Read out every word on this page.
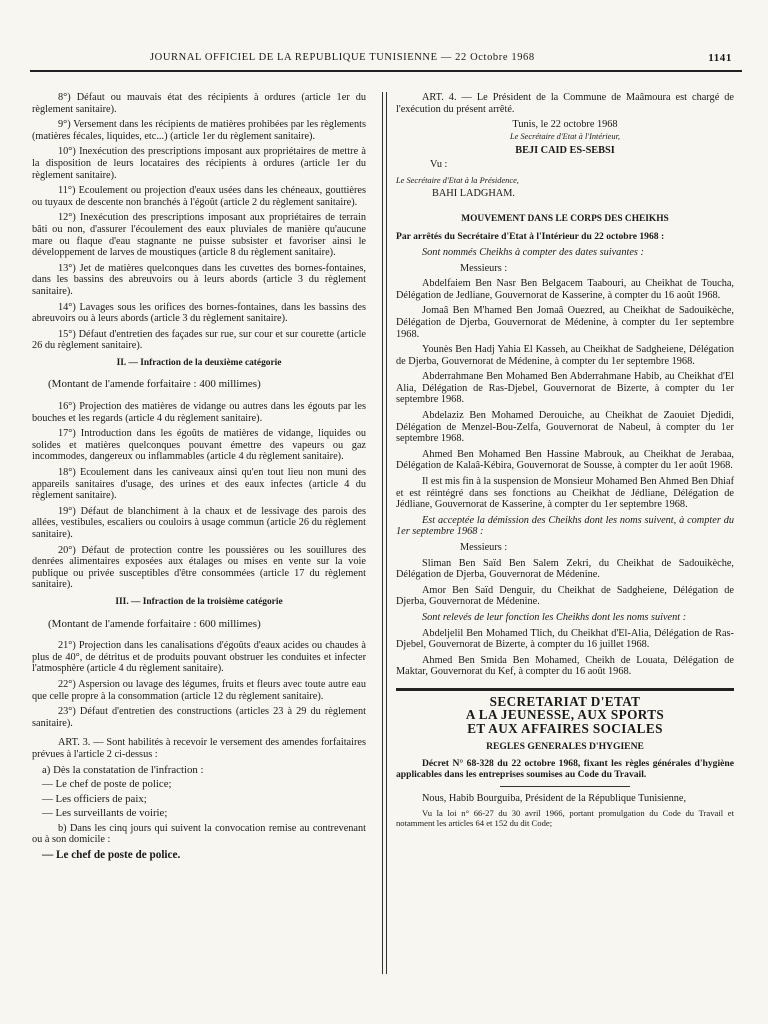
JOURNAL OFFICIEL DE LA REPUBLIQUE TUNISIENNE — 22 Octobre 1968	1141

8°) Défaut ou mauvais état des récipients à ordures (article 1er du règlement sanitaire).

9°) Versement dans les récipients de matières prohibées par les règlements (matières fécales, liquides, etc...) (article 1er du règlement sanitaire).

10°) Inexécution des prescriptions imposant aux propriétaires de mettre à la disposition de leurs locataires des récipients à ordures (article 1er du règlement sanitaire).

11°) Ecoulement ou projection d'eaux usées dans les chéneaux, gouttières ou tuyaux de descente non branchés à l'égoût (article 2 du règlement sanitaire).

12°) Inexécution des prescriptions imposant aux propriétaires de terrain bâti ou non, d'assurer l'écoulement des eaux pluviales de manière qu'aucune mare ou flaque d'eau stagnante ne puisse subsister et favoriser ainsi le développement de larves de moustiques (article 8 du règlement sanitaire).

13°) Jet de matières quelconques dans les cuvettes des bornes-fontaines, dans les bassins des abreuvoirs ou à leurs abords (article 3 du règlement sanitaire).

14°) Lavages sous les orifices des bornes-fontaines, dans les bassins des abreuvoirs ou à leurs abords (article 3 du règlement sanitaire).

15°) Défaut d'entretien des façades sur rue, sur cour et sur courette (article 26 du règlement sanitaire).

II. — Infraction de la deuxième catégorie
(Montant de l'amende forfaitaire : 400 millimes)

16°) Projection des matières de vidange ou autres dans les égouts par les bouches et les regards (article 4 du règlement sanitaire).

17°) Introduction dans les égoûts de matières de vidange, liquides ou solides et matières quelconques pouvant émettre des vapeurs ou gaz incommodes, dangereux ou inflammables (article 4 du règlement sanitaire).

18°) Ecoulement dans les caniveaux ainsi qu'en tout lieu non muni des appareils sanitaires d'usage, des urines et des eaux infectes (article 4 du règlement sanitaire).

19°) Défaut de blanchiment à la chaux et de lessivage des parois des allées, vestibules, escaliers ou couloirs à usage commun (article 26 du règlement sanitaire).

20°) Défaut de protection contre les poussières ou les souillures des denrées alimentaires exposées aux étalages ou mises en vente sur la voie publique ou privée susceptibles d'être consommées (article 17 du règlement sanitaire).

III. — Infraction de la troisième catégorie
(Montant de l'amende forfaitaire : 600 millimes)

21°) Projection dans les canalisations d'égoûts d'eaux acides ou chaudes à plus de 40°, de détritus et de produits pouvant obstruer les conduites et infecter l'atmosphère (article 4 du règlement sanitaire).

22°) Aspersion ou lavage des légumes, fruits et fleurs avec toute autre eau que celle propre à la consommation (article 12 du règlement sanitaire).

23°) Défaut d'entretien des constructions (articles 23 à 29 du règlement sanitaire).

ART. 3. — Sont habilités à recevoir le versement des amendes forfaitaires prévues à l'article 2 ci-dessus :

a) Dès la constatation de l'infraction :
— Le chef de poste de police;
— Les officiers de paix;
— Les surveillants de voirie;

b) Dans les cinq jours qui suivent la convocation remise au contrevenant ou à son domicile :

— Le chef de poste de police.

ART. 4. — Le Président de la Commune de Maâmoura est chargé de l'exécution du présent arrêté.

Tunis, le 22 octobre 1968

Le Secrétaire d'Etat à l'Intérieur,

BEJI CAID ES-SEBSI

Vu :

Le Secrétaire d'Etat à la Présidence,

BAHI LADGHAM.

MOUVEMENT DANS LE CORPS DES CHEIKHS

Par arrêtés du Secrétaire d'Etat à l'Intérieur du 22 octobre 1968 :

Sont nommés Cheikhs à compter des dates suivantes :

Messieurs :

Abdelfaiem Ben Nasr Ben Belgacem Taabouri, au Cheikhat de Toucha, Délégation de Jedliane, Gouvernorat de Kasserine, à compter du 16 août 1968.

Jomaâ Ben M'hamed Ben Jomaâ Ouezred, au Cheikhat de Sadouikèche, Délégation de Djerba, Gouvernorat de Médenine, à compter du 1er septembre 1968.

Younès Ben Hadj Yahia El Kasseh, au Cheikhat de Sadgheiene, Délégation de Djerba, Gouvernorat de Médenine, à compter du 1er septembre 1968.

Abderrahmane Ben Mohamed Ben Abderrahmane Habib, au Cheikhat d'El Alia, Délégation de Ras-Djebel, Gouvernorat de Bizerte, à compter du 1er septembre 1968.

Abdelaziz Ben Mohamed Derouiche, au Cheikhat de Zaouiet Djedidi, Délégation de Menzel-Bou-Zelfa, Gouvernorat de Nabeul, à compter du 1er septembre 1968.

Ahmed Ben Mohamed Ben Hassine Mabrouk, au Cheikhat de Jerabaa, Délégation de Kalaâ-Kébira, Gouvernorat de Sousse, à compter du 1er août 1968.

Il est mis fin à la suspension de Monsieur Mohamed Ben Ahmed Ben Dhiaf et est réintégré dans ses fonctions au Cheikhat de Jédliane, Délégation de Jédliane, Gouvernorat de Kasserine, à compter du 1er septembre 1968.

Est acceptée la démission des Cheikhs dont les noms suivent, à compter du 1er septembre 1968 :

Messieurs :

Sliman Ben Saïd Ben Salem Zekri, du Cheikhat de Sadouikèche, Délégation de Djerba, Gouvernorat de Médenine.

Amor Ben Saïd Denguir, du Cheikhat de Sadgheiene, Délégation de Djerba, Gouvernorat de Médenine.

Sont relevés de leur fonction les Cheikhs dont les noms suivent :

Abdeljelil Ben Mohamed Tlich, du Cheikhat d'El-Alia, Délégation de Ras-Djebel, Gouvernorat de Bizerte, à compter du 16 juillet 1968.

Ahmed Ben Smida Ben Mohamed, Cheikh de Louata, Délégation de Maktar, Gouvernorat du Kef, à compter du 16 août 1968.

SECRETARIAT D'ETAT
A LA JEUNESSE, AUX SPORTS
ET AUX AFFAIRES SOCIALES
REGLES GENERALES D'HYGIENE

Décret N° 68-328 du 22 octobre 1968, fixant les règles générales d'hygiène applicables dans les entreprises soumises au Code du Travail.

Nous, Habib Bourguiba, Président de la République Tunisienne,

Vu la loi n° 66-27 du 30 avril 1966, portant promulgation du Code du Travail et notamment les articles 64 et 152 du dit Code;
